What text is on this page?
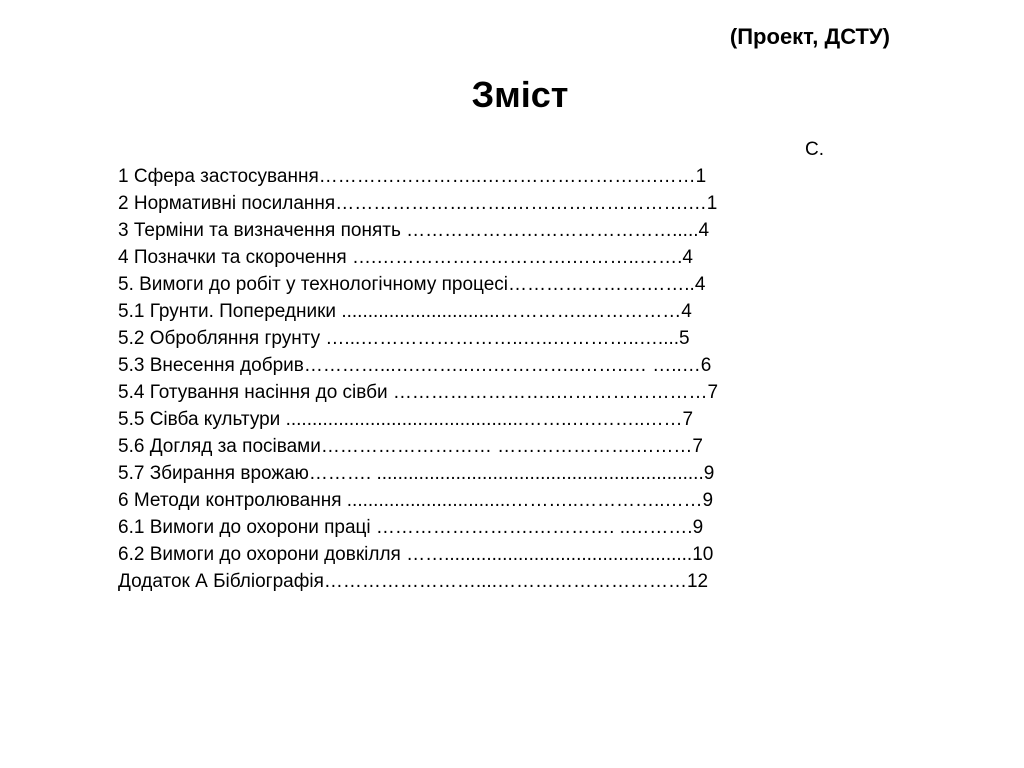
(Проект, ДСТУ)
Зміст
С.
1 Сфера застосування……………………..……………………….……1
2 Нормативні посилання……………………….……………………….…1
3 Терміни та визначення понять …………………………………….....4
4 Позначки та скорочення ….………………………….………..…….4
5. Вимоги до робіт у технологічному процесі………………….……..4
5.1 Грунти. Попередники ..............................…………..……………4
5.2 Обробляння грунту …...……………………..…..…………..…....5
5.3 Внесення добрив…………...….……..….…………..……..… …..…6
5.4 Готування насіння до сівби ……………………..……………………7
5.5 Сівба культури .............................................……..….……..……7
5.6 Догляд за посівами……………………… ………………….………7
5.7 Збирання врожаю………. ..............................................................9
6 Методи контролювання ...............................………..…………..……9
6.1 Вимоги до охорони праці …………………….…………. ..……….9
6.2 Вимоги до охорони довкілля ……...............................................10
Додаток А Бібліографія……………………....…………………………12
